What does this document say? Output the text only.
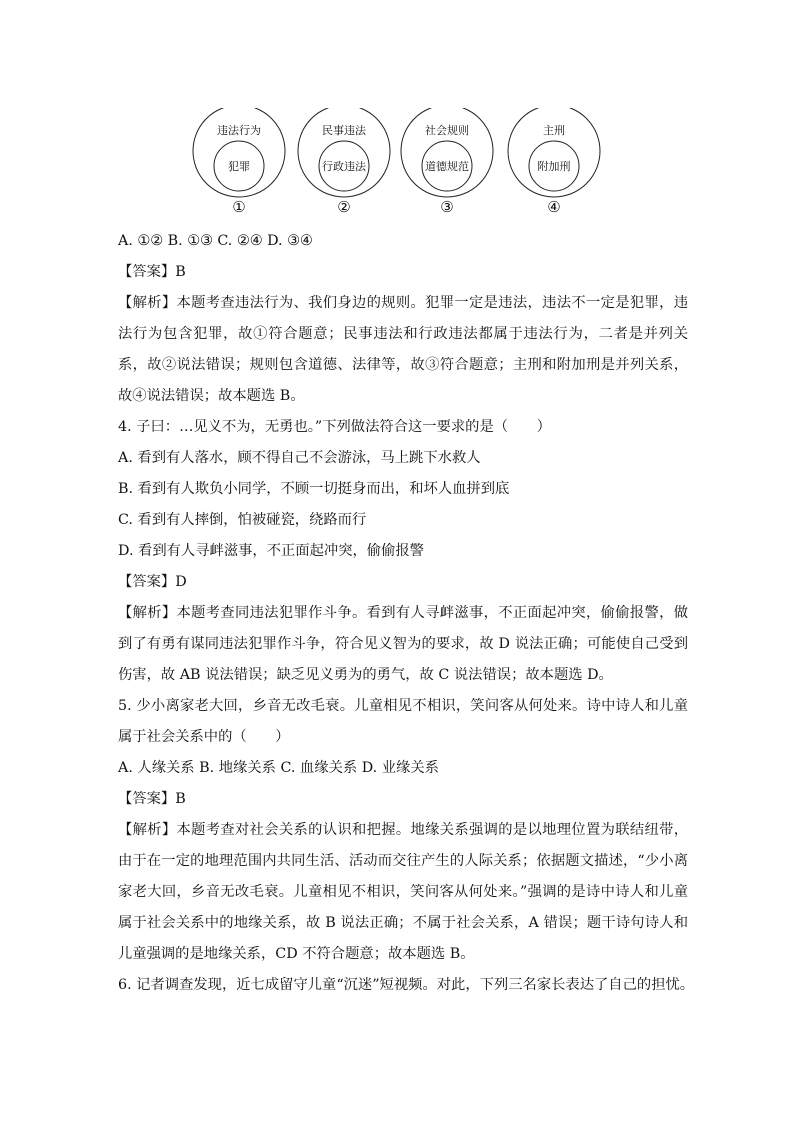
违法行为
犯罪
①
民事违法
行政违法
②
社会规则
道德规范
③
主刑
附加刑
④
A. ①② B. ①③ C. ②④ D. ③④
【答案】B
【解析】本题考查违法行为、我们身边的规则。犯罪一定是违法，违法不一定是犯罪，违法行为包含犯罪，故①符合题意；民事违法和行政违法都属于违法行为，二者是并列关系，故②说法错误；规则包含道德、法律等，故③符合题意；主刑和附加刑是并列关系，故④说法错误；故本题选 B。
4. 子曰：…见义不为，无勇也。”下列做法符合这一要求的是（　　）
A. 看到有人落水，顾不得自己不会游泳，马上跳下水救人
B. 看到有人欺负小同学，不顾一切挺身而出，和坏人血拼到底
C. 看到有人摔倒，怕被碰瓷，绕路而行
D. 看到有人寻衅滋事，不正面起冲突，偷偷报警
【答案】D
【解析】本题考查同违法犯罪作斗争。看到有人寻衅滋事，不正面起冲突，偷偷报警，做到了有勇有谋同违法犯罪作斗争，符合见义智为的要求，故 D 说法正确；可能使自己受到伤害，故 AB 说法错误；缺乏见义勇为的勇气，故 C 说法错误；故本题选 D。
5. 少小离家老大回，乡音无改毛衰。儿童相见不相识，笑问客从何处来。诗中诗人和儿童属于社会关系中的（　　）
A. 人缘关系 B. 地缘关系 C. 血缘关系 D. 业缘关系
【答案】B
【解析】本题考查对社会关系的认识和把握。地缘关系强调的是以地理位置为联结纽带，由于在一定的地理范围内共同生活、活动而交往产生的人际关系；依据题文描述，“少小离家老大回，乡音无改毛衰。儿童相见不相识，笑问客从何处来。”强调的是诗中诗人和儿童属于社会关系中的地缘关系，故 B 说法正确；不属于社会关系，A 错误；题干诗句诗人和儿童强调的是地缘关系，CD 不符合题意；故本题选 B。
6. 记者调查发现，近七成留守儿童“沉迷”短视频。对此，下列三名家长表达了自己的担忧。
